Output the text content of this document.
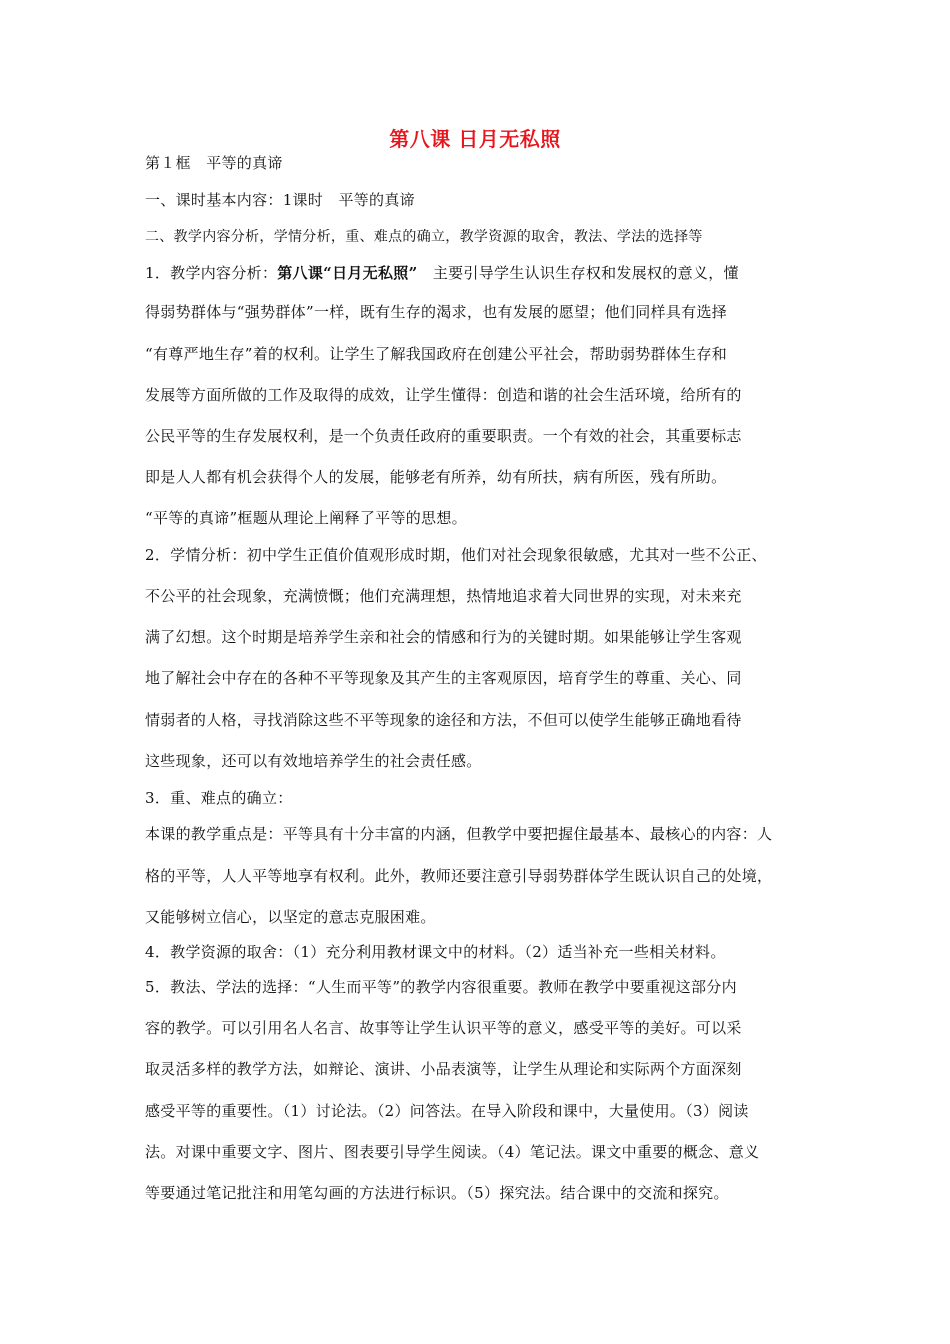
第八课 日月无私照
第１框　平等的真谛
一、课时基本内容：1课时　平等的真谛
二、教学内容分析，学情分析，重、难点的确立，教学资源的取舍，教法、学法的选择等
1．教学内容分析：第八课“日月无私照”　主要引导学生认识生存权和发展权的意义，懂
得弱势群体与“强势群体”一样，既有生存的渴求，也有发展的愿望；他们同样具有选择
“有尊严地生存”着的权利。让学生了解我国政府在创建公平社会，帮助弱势群体生存和
发展等方面所做的工作及取得的成效，让学生懂得：创造和谐的社会生活环境，给所有的
公民平等的生存发展权利，是一个负责任政府的重要职责。一个有效的社会，其重要标志
即是人人都有机会获得个人的发展，能够老有所养，幼有所扶，病有所医，残有所助。
“平等的真谛”框题从理论上阐释了平等的思想。
2．学情分析：初中学生正值价值观形成时期，他们对社会现象很敏感，尤其对一些不公正、
不公平的社会现象，充满愤慨；他们充满理想，热情地追求着大同世界的实现，对未来充
满了幻想。这个时期是培养学生亲和社会的情感和行为的关键时期。如果能够让学生客观
地了解社会中存在的各种不平等现象及其产生的主客观原因，培育学生的尊重、关心、同
情弱者的人格，寻找消除这些不平等现象的途径和方法，不但可以使学生能够正确地看待
这些现象，还可以有效地培养学生的社会责任感。
3．重、难点的确立：
本课的教学重点是：平等具有十分丰富的内涵，但教学中要把握住最基本、最核心的内容：人
格的平等，人人平等地享有权利。此外，教师还要注意引导弱势群体学生既认识自己的处境，
又能够树立信心，以坚定的意志克服困难。
4．教学资源的取舍：（1）充分利用教材课文中的材料。（2）适当补充一些相关材料。
5．教法、学法的选择：“人生而平等”的教学内容很重要。教师在教学中要重视这部分内
容的教学。可以引用名人名言、故事等让学生认识平等的意义，感受平等的美好。可以采
取灵活多样的教学方法，如辩论、演讲、小品表演等，让学生从理论和实际两个方面深刻
感受平等的重要性。（1）讨论法。（2）问答法。在导入阶段和课中，大量使用。（3）阅读
法。对课中重要文字、图片、图表要引导学生阅读。（4）笔记法。课文中重要的概念、意义
等要通过笔记批注和用笔勾画的方法进行标识。（5）探究法。结合课中的交流和探究。
